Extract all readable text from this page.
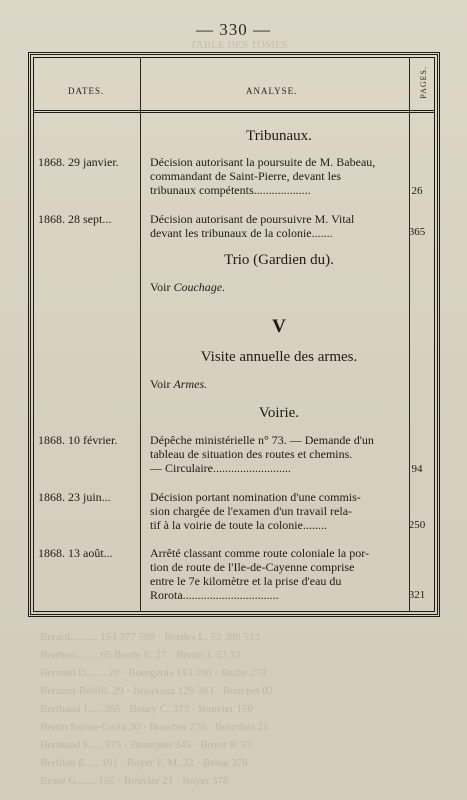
Berard.......... 154 377 589 · Bordes L. 52 380 512
Berthon........ 65 Borde E. 27 · Bertin J. 53 73
Bernard D....... 29 · Bourgeois 133 190 · Barbe 278
Bernard-Bellfil. 29 · Boursaux 129 303 · Bouchet 82
Berthaud J..... 365 · Boury C. 373 · Bouvier 150
Bertin Sainte-Croix 30 · Boucher 270 · Bourdais 21
Berthaud F..... 379 · Bousquet 345 · Boyer P. 53
Bertilde E..... 191 · Boyer F. M. 32 · Bessé 378
Besse G....... 155 · Bouvier 21 · Boyer 378
TABLE DES TOMES
— 330 —
DATES.	ANALYSE.	PAGES.
Tribunaux.
1868. 29 janvier.	Décision autorisant la poursuite de M. Babeau,
commandant de Saint-Pierre, devant les
tribunaux compétents...................	26
1868. 28 sept...	Décision autorisant de poursuivre M. Vital
devant les tribunaux de la colonie.......	365
Trio (Gardien du).
Voir Couchage.
V
Visite annuelle des armes.
Voir Armes.
Voirie.
1868. 10 février.	Dépêche ministérielle n° 73. — Demande d'un
tableau de situation des routes et chemins.
— Circulaire..........................	94
1868. 23 juin...	Décision portant nomination d'une commis-
sion chargée de l'examen d'un travail rela-
tif à la voirie de toute la colonie........	250
1868. 13 août...	Arrêté classant comme route coloniale la por-
tion de route de l'Ile-de-Cayenne comprise
entre le 7e kilomètre et la prise d'eau du
Rorota................................	321
